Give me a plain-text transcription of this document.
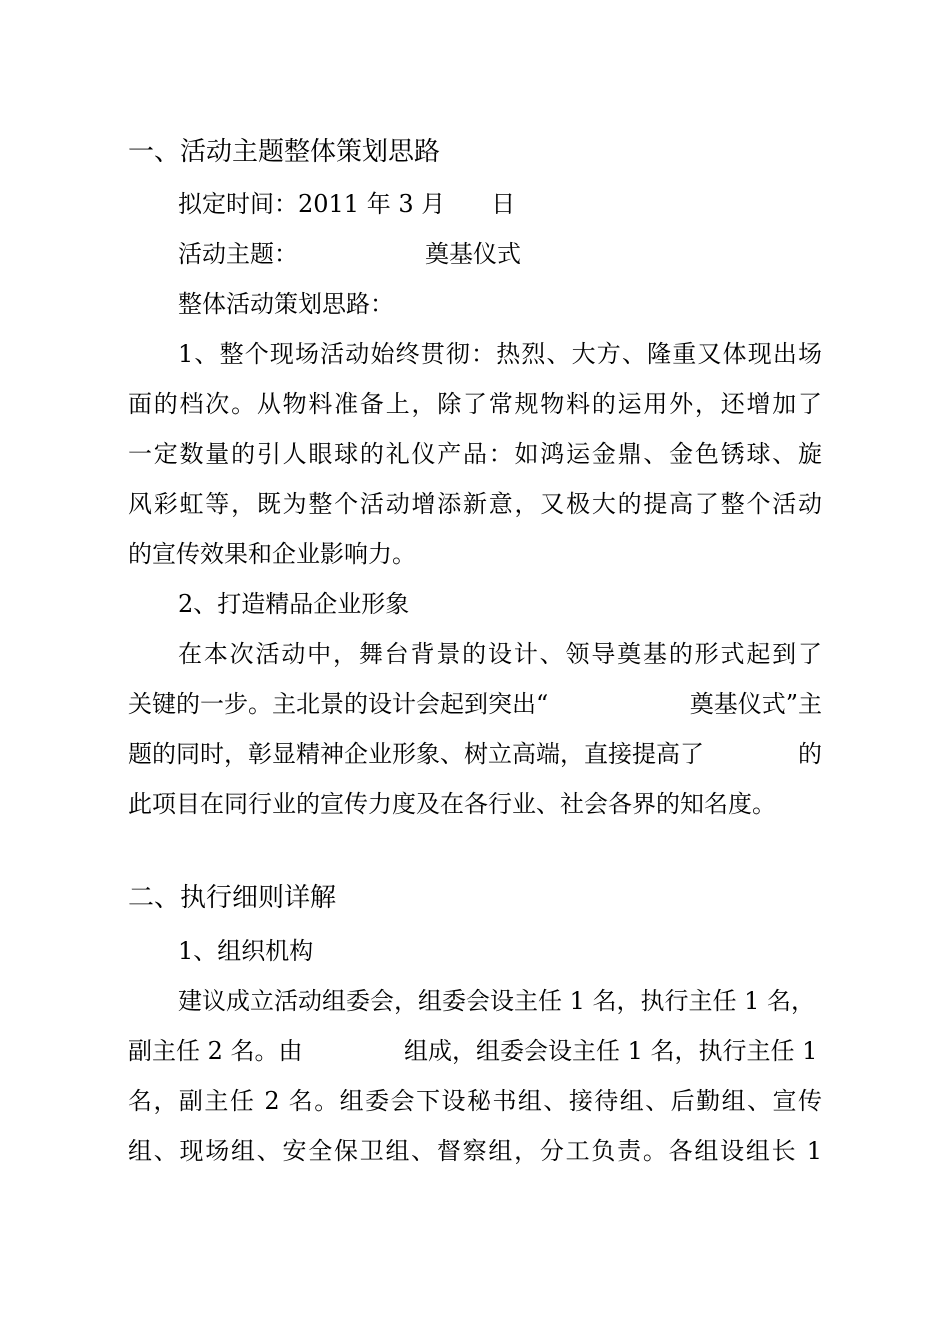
一、活动主题整体策划思路
拟定时间：2011 年 3 月 日
活动主题：	奠基仪式
整体活动策划思路：
1、整个现场活动始终贯彻：热烈、大方、隆重又体现出场
面的档次。从物料准备上，除了常规物料的运用外，还增加了
一定数量的引人眼球的礼仪产品：如鸿运金鼎、金色锈球、旋
风彩虹等，既为整个活动增添新意，又极大的提高了整个活动
的宣传效果和企业影响力。
2、打造精品企业形象
在本次活动中，舞台背景的设计、领导奠基的形式起到了
关键的一步。主北景的设计会起到突出“	奠基仪式”主
题的同时，彰显精神企业形象、树立高端，直接提高了	的
此项目在同行业的宣传力度及在各行业、社会各界的知名度。
二、执行细则详解
1、组织机构
建议成立活动组委会，组委会设主任 1 名，执行主任 1 名，
副主任 2 名。由	组成，组委会设主任 1 名，执行主任 1
名，副主任 2 名。组委会下设秘书组、接待组、后勤组、宣传
组、现场组、安全保卫组、督察组，分工负责。各组设组长 1
